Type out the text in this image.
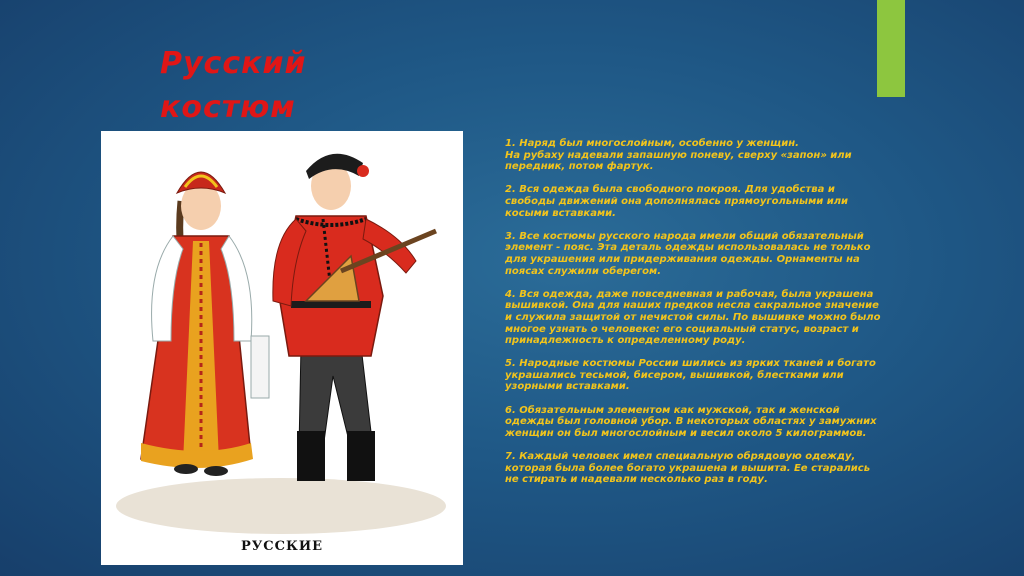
Русский
костюм
РУССКИЕ

1. Наряд был многослойным, особенно у женщин.
На рубаху надевали запашную поневу, сверху «запон» или передник, потом фартук.

2. Вся одежда была свободного покроя. Для удобства и свободы движений она дополнялась прямоугольными или косыми вставками.

3. Все костюмы русского народа имели общий обязательный элемент - пояс. Эта деталь одежды использовалась не только для украшения или придерживания одежды. Орнаменты на поясах служили оберегом.

4. Вся одежда, даже повседневная и рабочая, была украшена вышивкой. Она для наших предков несла сакральное значение и служила защитой от нечистой силы. По вышивке можно было многое узнать о человеке: его социальный статус, возраст и принадлежность к определенному роду.

5. Народные костюмы России шились из ярких тканей и богато украшались тесьмой, бисером, вышивкой, блестками или узорными вставками.

6. Обязательным элементом как мужской, так и женской одежды был головной убор. В некоторых областях у замужних женщин он был многослойным и весил около 5 килограммов.

7. Каждый человек имел специальную обрядовую одежду, которая была более богато украшена и вышита. Ее старались не стирать и надевали несколько раз в году.
